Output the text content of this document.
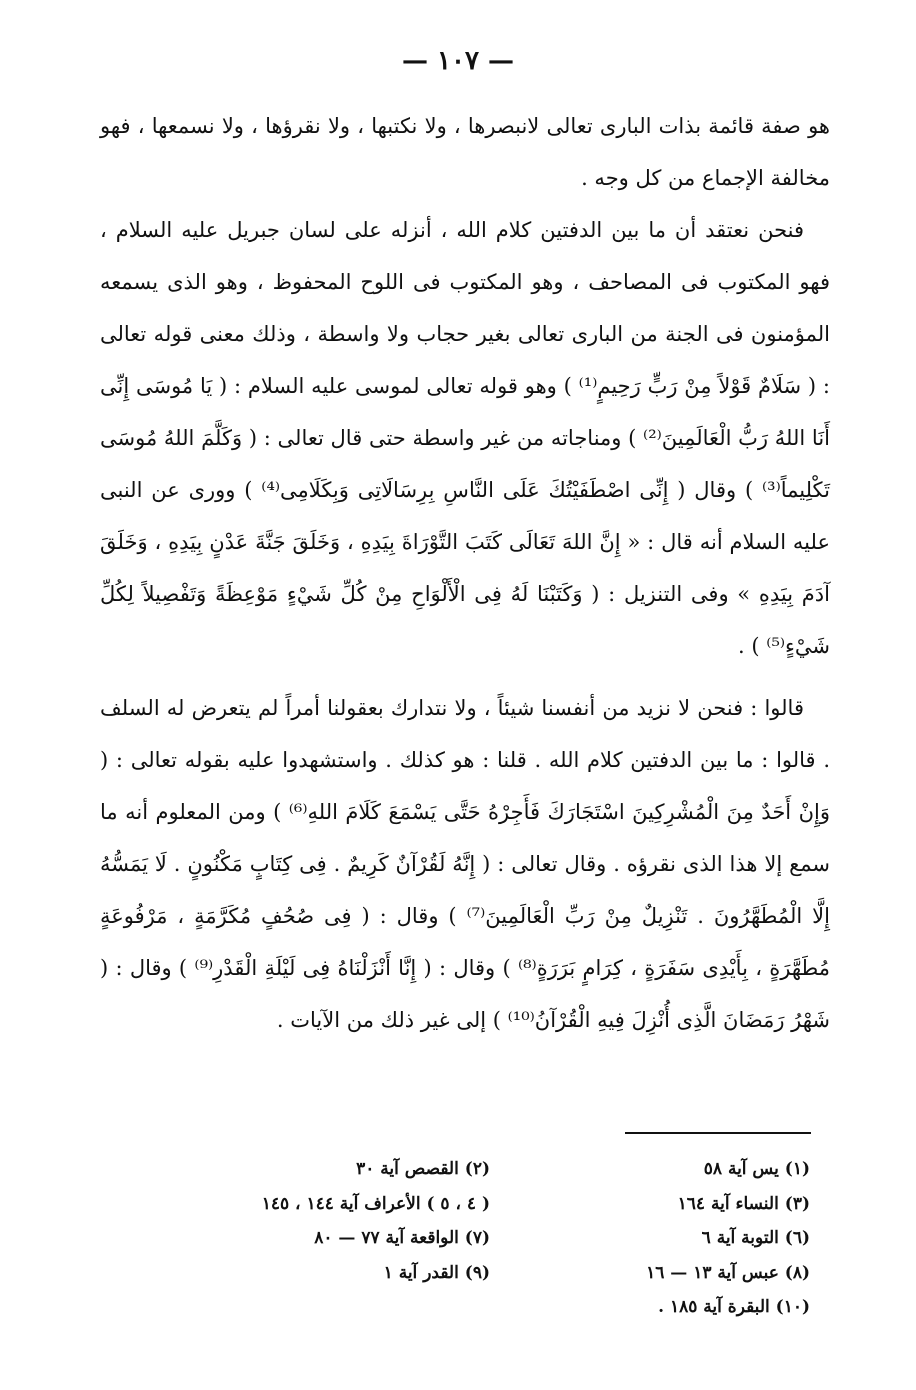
— ١٠٧ —

هو صفة قائمة بذات البارى تعالى لانبصرها ، ولا نكتبها ، ولا نقرؤها ، ولا نسمعها ، فهو مخالفة الإجماع من كل وجه .

فنحن نعتقد أن ما بين الدفتين كلام الله ، أنزله على لسان جبريل عليه السلام ، فهو المكتوب فى المصاحف ، وهو المكتوب فى اللوح المحفوظ ، وهو الذى يسمعه المؤمنون فى الجنة من البارى تعالى بغير حجاب ولا واسطة ، وذلك معنى قوله تعالى : ( سَلَامٌ قَوْلاً مِنْ رَبٍّ رَحِيمٍ⁽¹⁾ ) وهو قوله تعالى لموسى عليه السلام : ( يَا مُوسَى إِنِّى أَنَا اللهُ رَبُّ الْعَالَمِينَ⁽²⁾ ) ومناجاته من غير واسطة حتى قال تعالى : ( وَكَلَّمَ اللهُ مُوسَى تَكْلِيماً⁽³⁾ ) وقال ( إِنِّى اصْطَفَيْتُكَ عَلَى النَّاسِ بِرِسَالَاتِى وَبِكَلَامِى⁽⁴⁾ ) وورى عن النبى عليه السلام أنه قال : « إِنَّ اللهَ تَعَالَى كَتَبَ التَّوْرَاةَ بِيَدِهِ ، وَخَلَقَ جَنَّةَ عَدْنٍ بِيَدِهِ ، وَخَلَقَ آدَمَ بِيَدِهِ » وفى التنزيل : ( وَكَتَبْنَا لَهُ فِى الْأَلْوَاحِ مِنْ كُلِّ شَيْءٍ مَوْعِظَةً وَتَفْصِيلاً لِكُلِّ شَيْءٍ⁽⁵⁾ ) .

قالوا : فنحن لا نزيد من أنفسنا شيئاً ، ولا نتدارك بعقولنا أمراً لم يتعرض له السلف . قالوا : ما بين الدفتين كلام الله . قلنا : هو كذلك . واستشهدوا عليه بقوله تعالى : ( وَإِنْ أَحَدٌ مِنَ الْمُشْرِكِينَ اسْتَجَارَكَ فَأَجِرْهُ حَتَّى يَسْمَعَ كَلَامَ اللهِ⁽⁶⁾ ) ومن المعلوم أنه ما سمع إلا هذا الذى نقرؤه . وقال تعالى : ( إِنَّهُ لَقُرْآنٌ كَرِيمٌ . فِى كِتَابٍ مَكْنُونٍ . لَا يَمَسُّهُ إِلَّا الْمُطَهَّرُونَ . تَنْزِيلٌ مِنْ رَبِّ الْعَالَمِينَ⁽⁷⁾ ) وقال : ( فِى صُحُفٍ مُكَرَّمَةٍ ، مَرْفُوعَةٍ مُطَهَّرَةٍ ، بِأَيْدِى سَفَرَةٍ ، كِرَامٍ بَرَرَةٍ⁽⁸⁾ ) وقال : ( إِنَّا أَنْزَلْنَاهُ فِى لَيْلَةِ الْقَدْرِ⁽⁹⁾ ) وقال : ( شَهْرُ رَمَضَانَ الَّذِى أُنْزِلَ فِيهِ الْقُرْآنُ⁽¹⁰⁾ ) إلى غير ذلك من الآيات .

(١) يس آية ٥٨
(٢) القصص آية ٣٠
(٣) النساء آية ١٦٤
( ٤ ، ٥ ) الأعراف آية ١٤٤ ، ١٤٥
(٦) التوبة آية ٦
(٧) الواقعة آية ٧٧ — ٨٠
(٨) عبس آية ١٣ — ١٦
(٩) القدر آية ١
(١٠) البقرة آية ١٨٥ .
